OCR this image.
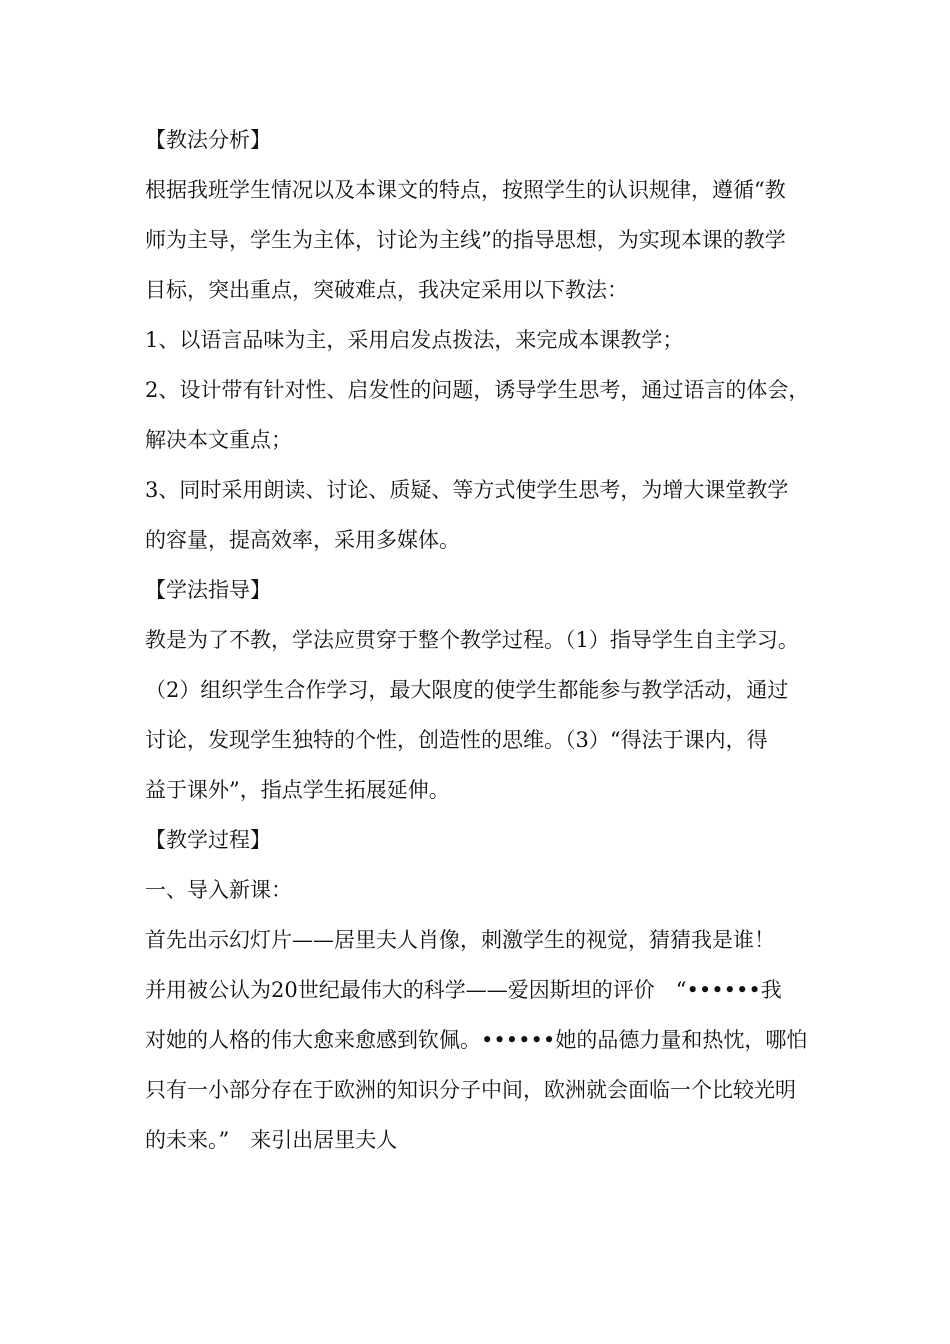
【教法分析】
根据我班学生情况以及本课文的特点，按照学生的认识规律，遵循“教
师为主导，学生为主体，讨论为主线”的指导思想，为实现本课的教学
目标，突出重点，突破难点，我决定采用以下教法：
1、以语言品味为主，采用启发点拨法，来完成本课教学；
2、设计带有针对性、启发性的问题，诱导学生思考，通过语言的体会，
解决本文重点；
3、同时采用朗读、讨论、质疑、等方式使学生思考，为增大课堂教学
的容量，提高效率，采用多媒体。
【学法指导】
教是为了不教，学法应贯穿于整个教学过程。（1）指导学生自主学习。
（2）组织学生合作学习，最大限度的使学生都能参与教学活动，通过
讨论，发现学生独特的个性，创造性的思维。（3）“得法于课内，得
益于课外”，指点学生拓展延伸。
【教学过程】
一、导入新课：
首先出示幻灯片——居里夫人肖像，刺激学生的视觉，猜猜我是谁！
并用被公认为20世纪最伟大的科学——爱因斯坦的评价　“••••••我
对她的人格的伟大愈来愈感到钦佩。••••••她的品德力量和热忱，哪怕
只有一小部分存在于欧洲的知识分子中间，欧洲就会面临一个比较光明
的未来。”　来引出居里夫人
